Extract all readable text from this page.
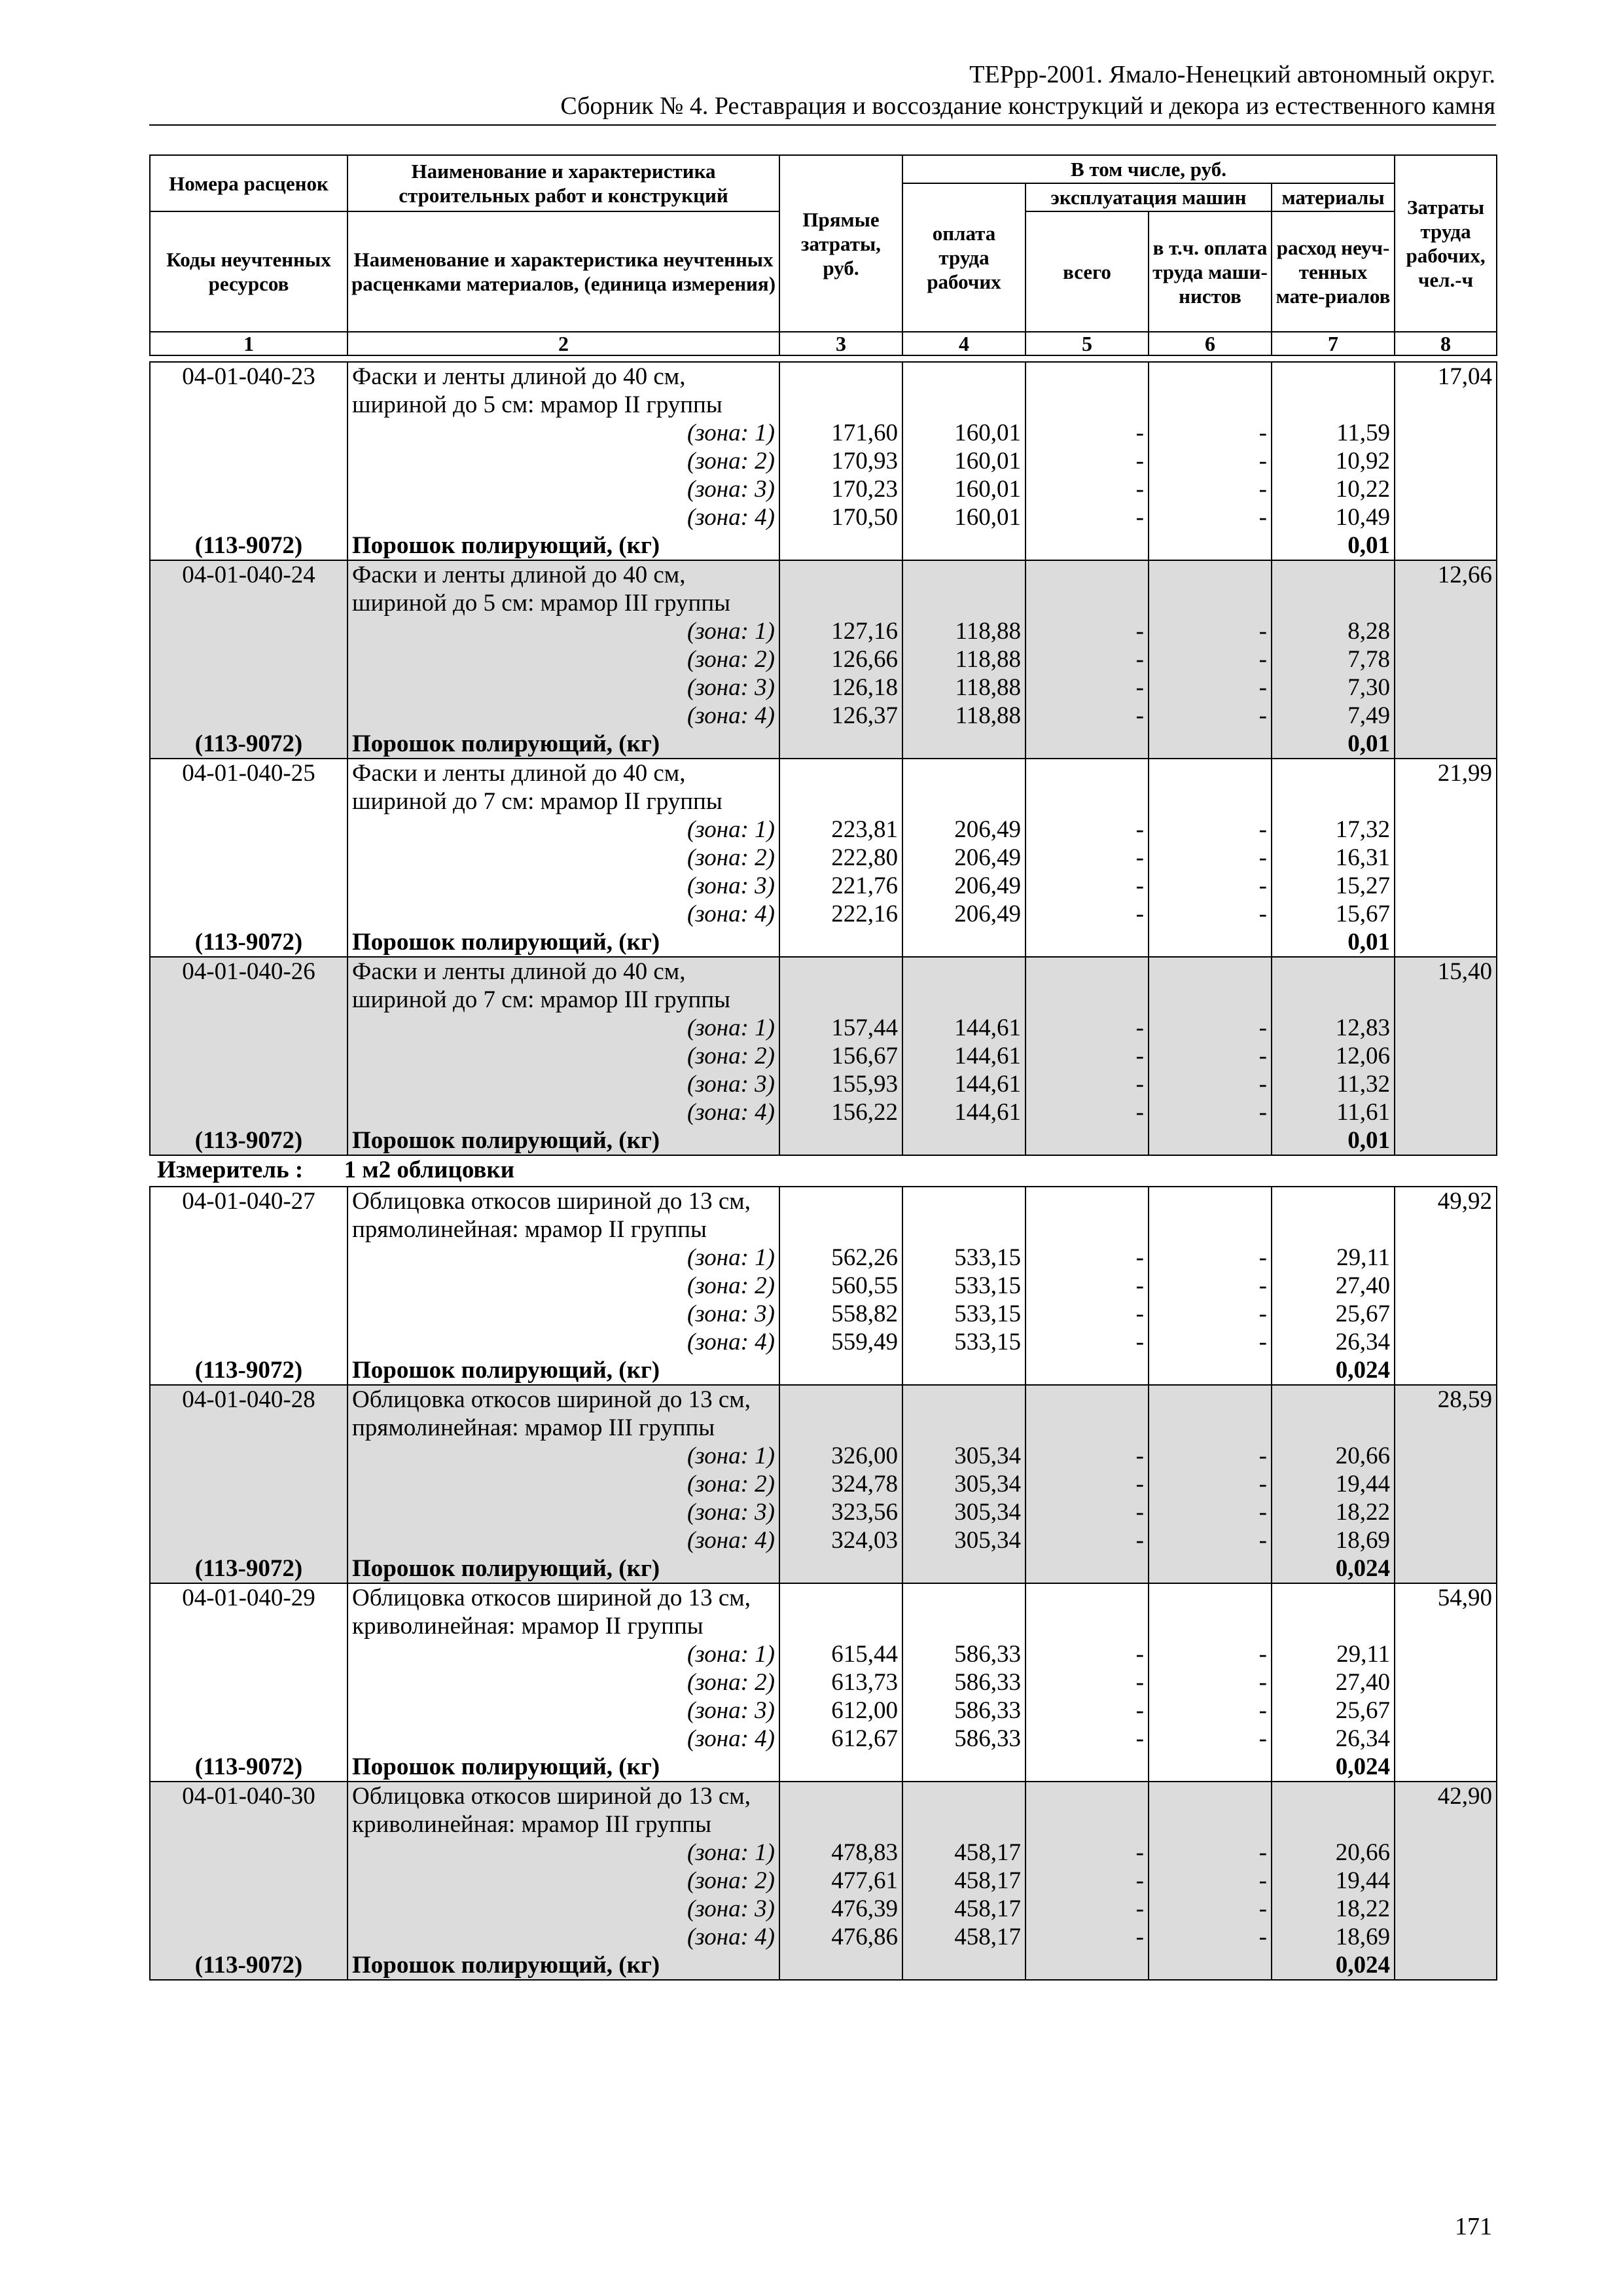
ТЕРрр-2001. Ямало-Ненецкий автономный округ.
Сборник № 4. Реставрация и воссоздание конструкций и декора из естественного камня
Номера расценок	Наименование и характеристика строительных работ и конструкций	Прямые затраты, руб.	В том числе, руб.				Затраты труда рабочих, чел.-ч
			оплата труда рабочих	эксплуатация машин		материалы	
Коды неучтенных ресурсов	Наименование и характеристика неучтенных расценками материалов, (единица измерения)			всего	в т.ч. оплата труда маши-нистов	расход неуч-тенных мате-риалов	

1	2	3	4	5	6	7	8
04-01-040-23	Фаски и ленты длиной до 40 см,						17,04
	шириной до 5 см: мрамор II группы						
	(зона: 1)	171,60	160,01	-	-	11,59	
	(зона: 2)	170,93	160,01	-	-	10,92	
	(зона: 3)	170,23	160,01	-	-	10,22	
	(зона: 4)	170,50	160,01	-	-	10,49	
(113-9072)	Порошок полирующий, (кг)					0,01	
04-01-040-24	Фаски и ленты длиной до 40 см,						12,66
	шириной до 5 см: мрамор III группы						
	(зона: 1)	127,16	118,88	-	-	8,28	
	(зона: 2)	126,66	118,88	-	-	7,78	
	(зона: 3)	126,18	118,88	-	-	7,30	
	(зона: 4)	126,37	118,88	-	-	7,49	
(113-9072)	Порошок полирующий, (кг)					0,01	
04-01-040-25	Фаски и ленты длиной до 40 см,						21,99
	шириной до 7 см: мрамор II группы						
	(зона: 1)	223,81	206,49	-	-	17,32	
	(зона: 2)	222,80	206,49	-	-	16,31	
	(зона: 3)	221,76	206,49	-	-	15,27	
	(зона: 4)	222,16	206,49	-	-	15,67	
(113-9072)	Порошок полирующий, (кг)					0,01	
04-01-040-26	Фаски и ленты длиной до 40 см,						15,40
	шириной до 7 см: мрамор III группы						
	(зона: 1)	157,44	144,61	-	-	12,83	
	(зона: 2)	156,67	144,61	-	-	12,06	
	(зона: 3)	155,93	144,61	-	-	11,32	
	(зона: 4)	156,22	144,61	-	-	11,61	
(113-9072)	Порошок полирующий, (кг)					0,01	
Измеритель : 1 м2 облицовки
04-01-040-27	Облицовка откосов шириной до 13 см,						49,92
	прямолинейная: мрамор II группы						
	(зона: 1)	562,26	533,15	-	-	29,11	
	(зона: 2)	560,55	533,15	-	-	27,40	
	(зона: 3)	558,82	533,15	-	-	25,67	
	(зона: 4)	559,49	533,15	-	-	26,34	
(113-9072)	Порошок полирующий, (кг)					0,024	
04-01-040-28	Облицовка откосов шириной до 13 см,						28,59
	прямолинейная: мрамор III группы						
	(зона: 1)	326,00	305,34	-	-	20,66	
	(зона: 2)	324,78	305,34	-	-	19,44	
	(зона: 3)	323,56	305,34	-	-	18,22	
	(зона: 4)	324,03	305,34	-	-	18,69	
(113-9072)	Порошок полирующий, (кг)					0,024	
04-01-040-29	Облицовка откосов шириной до 13 см,						54,90
	криволинейная: мрамор II группы						
	(зона: 1)	615,44	586,33	-	-	29,11	
	(зона: 2)	613,73	586,33	-	-	27,40	
	(зона: 3)	612,00	586,33	-	-	25,67	
	(зона: 4)	612,67	586,33	-	-	26,34	
(113-9072)	Порошок полирующий, (кг)					0,024	
04-01-040-30	Облицовка откосов шириной до 13 см,						42,90
	криволинейная: мрамор III группы						
	(зона: 1)	478,83	458,17	-	-	20,66	
	(зона: 2)	477,61	458,17	-	-	19,44	
	(зона: 3)	476,39	458,17	-	-	18,22	
	(зона: 4)	476,86	458,17	-	-	18,69	
(113-9072)	Порошок полирующий, (кг)					0,024	
171
